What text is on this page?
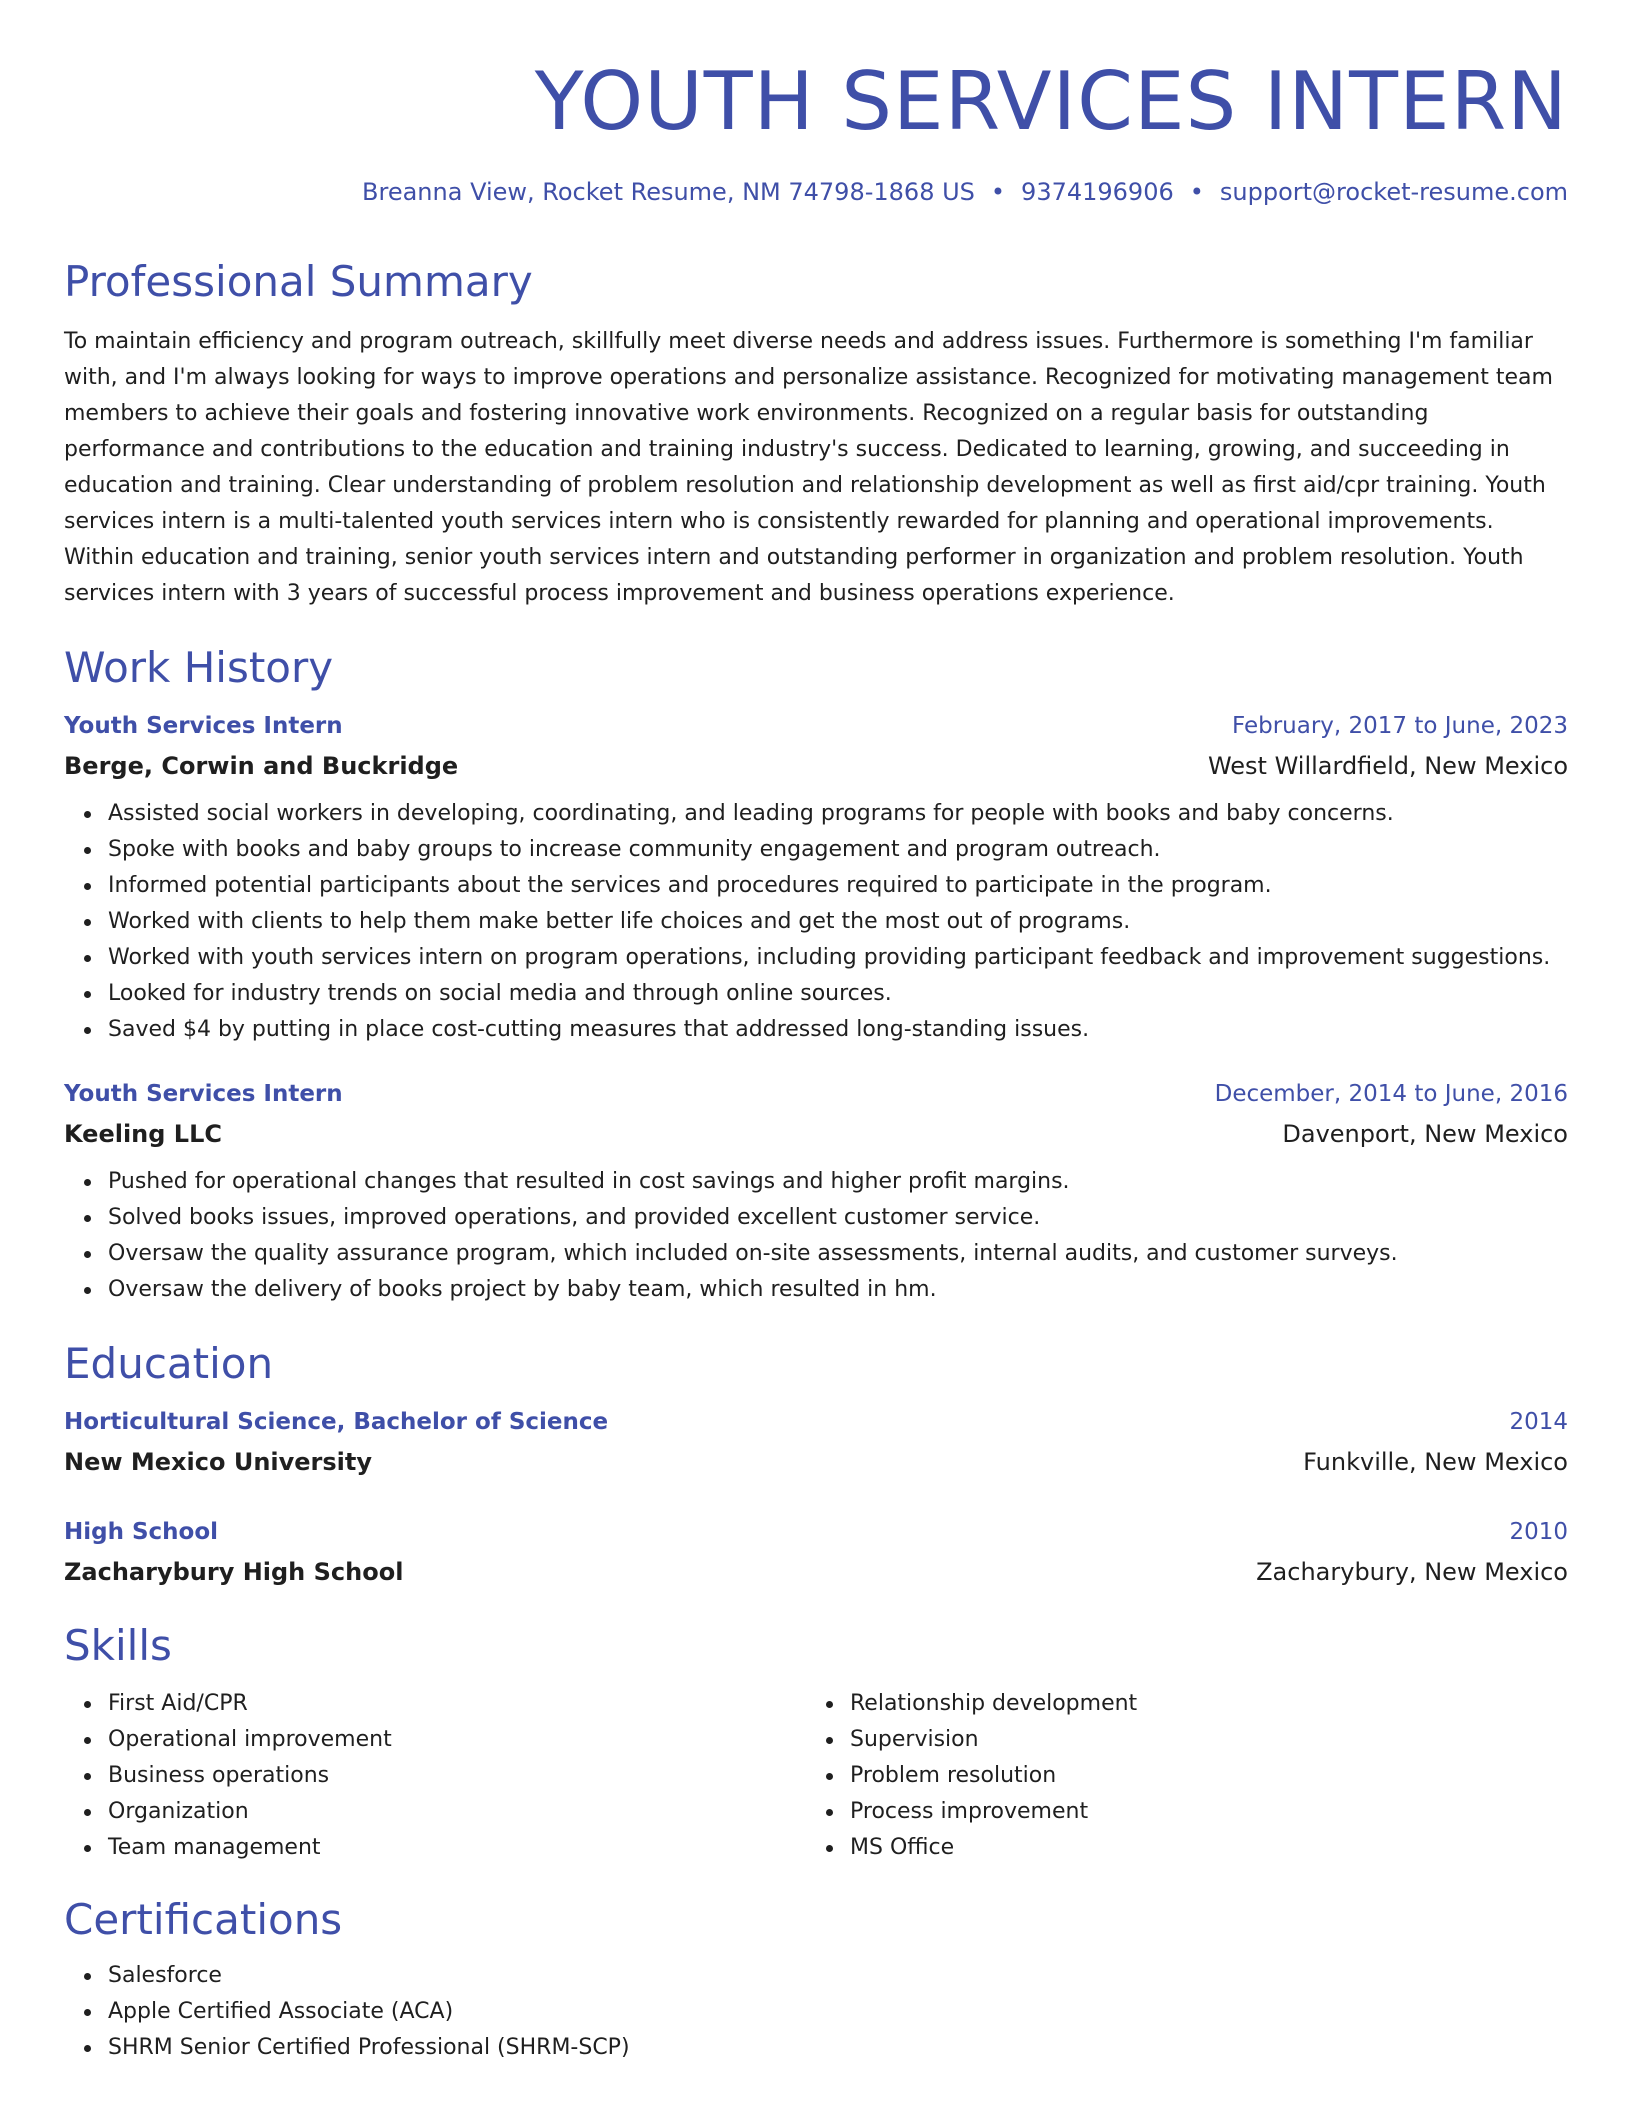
YOUTH SERVICES INTERN
Breanna View, Rocket Resume, NM 74798-1868 US • 9374196906 • support@rocket-resume.com
Professional Summary

To maintain efficiency and program outreach, skillfully meet diverse needs and address issues. Furthermore is something I'm familiar with, and I'm always looking for ways to improve operations and personalize assistance. Recognized for motivating management team members to achieve their goals and fostering innovative work environments. Recognized on a regular basis for outstanding performance and contributions to the education and training industry's success. Dedicated to learning, growing, and succeeding in education and training. Clear understanding of problem resolution and relationship development as well as first aid/cpr training. Youth services intern is a multi-talented youth services intern who is consistently rewarded for planning and operational improvements. Within education and training, senior youth services intern and outstanding performer in organization and problem resolution. Youth services intern with 3 years of successful process improvement and business operations experience.

Work History
Youth Services Intern	February, 2017 to June, 2023
Berge, Corwin and Buckridge	West Willardfield, New Mexico
Assisted social workers in developing, coordinating, and leading programs for people with books and baby concerns.
Spoke with books and baby groups to increase community engagement and program outreach.
Informed potential participants about the services and procedures required to participate in the program.
Worked with clients to help them make better life choices and get the most out of programs.
Worked with youth services intern on program operations, including providing participant feedback and improvement suggestions.
Looked for industry trends on social media and through online sources.
Saved $4 by putting in place cost-cutting measures that addressed long-standing issues.
Youth Services Intern	December, 2014 to June, 2016
Keeling LLC	Davenport, New Mexico
Pushed for operational changes that resulted in cost savings and higher profit margins.
Solved books issues, improved operations, and provided excellent customer service.
Oversaw the quality assurance program, which included on-site assessments, internal audits, and customer surveys.
Oversaw the delivery of books project by baby team, which resulted in hm.
Education
Horticultural Science, Bachelor of Science	2014
New Mexico University	Funkville, New Mexico
High School	2010
Zacharybury High School	Zacharybury, New Mexico
Skills
First Aid/CPR
Operational improvement
Business operations
Organization
Team management
Relationship development
Supervision
Problem resolution
Process improvement
MS Office
Certifications
Salesforce
Apple Certified Associate (ACA)
SHRM Senior Certified Professional (SHRM-SCP)
